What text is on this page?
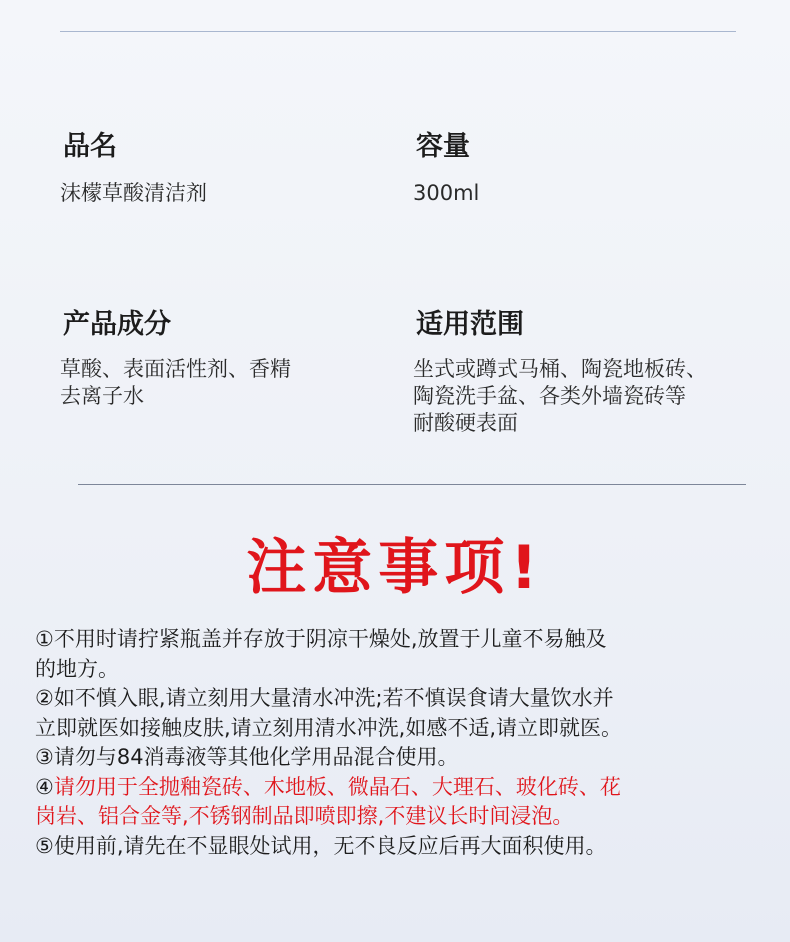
品名
沫檬草酸清洁剂
容量
300ml
产品成分
草酸、表面活性剂、香精
去离子水
适用范围
坐式或蹲式马桶、陶瓷地板砖、
陶瓷洗手盆、各类外墙瓷砖等
耐酸硬表面
注意事项!
①不用时请拧紧瓶盖并存放于阴凉干燥处,放置于儿童不易触及
的地方。
②如不慎入眼,请立刻用大量清水冲洗;若不慎误食请大量饮水并
立即就医如接触皮肤,请立刻用清水冲洗,如感不适,请立即就医。
③请勿与84消毒液等其他化学用品混合使用。
④请勿用于全抛釉瓷砖、木地板、微晶石、大理石、玻化砖、花
岗岩、铝合金等,不锈钢制品即喷即擦,不建议长时间浸泡。
⑤使用前,请先在不显眼处试用，无不良反应后再大面积使用。
